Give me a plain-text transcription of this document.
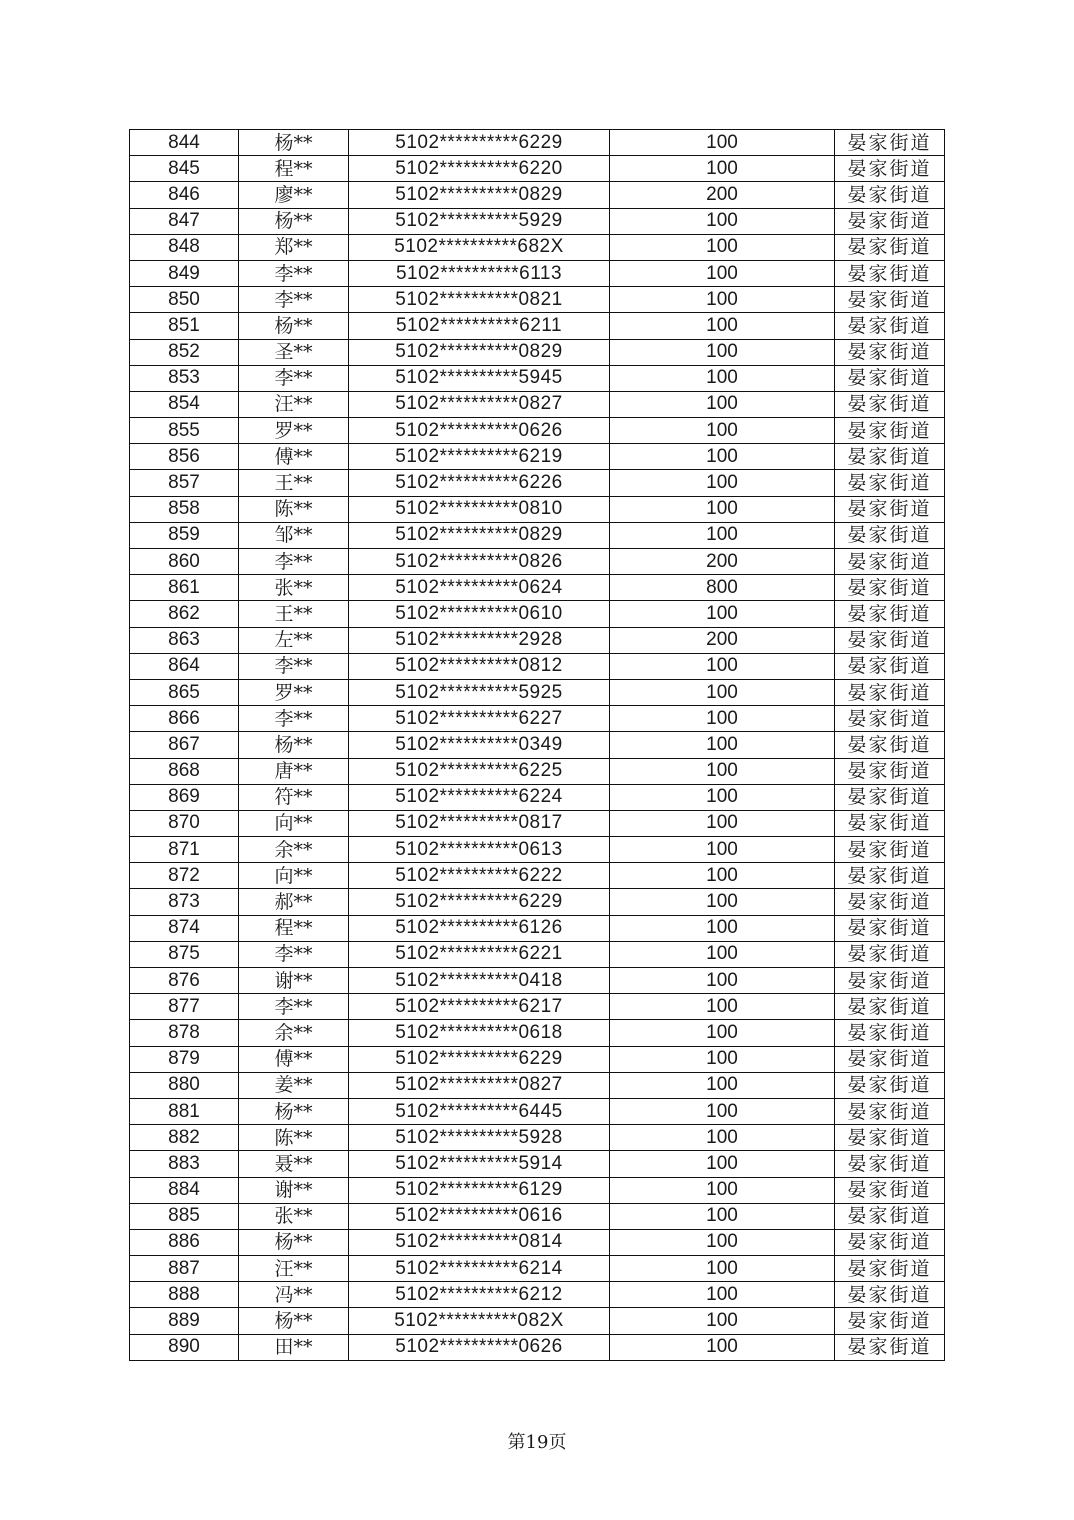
844	杨**	5102**********6229	100	晏家街道
845	程**	5102**********6220	100	晏家街道
846	廖**	5102**********0829	200	晏家街道
847	杨**	5102**********5929	100	晏家街道
848	郑**	5102**********682X	100	晏家街道
849	李**	5102**********6113	100	晏家街道
850	李**	5102**********0821	100	晏家街道
851	杨**	5102**********6211	100	晏家街道
852	圣**	5102**********0829	100	晏家街道
853	李**	5102**********5945	100	晏家街道
854	汪**	5102**********0827	100	晏家街道
855	罗**	5102**********0626	100	晏家街道
856	傅**	5102**********6219	100	晏家街道
857	王**	5102**********6226	100	晏家街道
858	陈**	5102**********0810	100	晏家街道
859	邹**	5102**********0829	100	晏家街道
860	李**	5102**********0826	200	晏家街道
861	张**	5102**********0624	800	晏家街道
862	王**	5102**********0610	100	晏家街道
863	左**	5102**********2928	200	晏家街道
864	李**	5102**********0812	100	晏家街道
865	罗**	5102**********5925	100	晏家街道
866	李**	5102**********6227	100	晏家街道
867	杨**	5102**********0349	100	晏家街道
868	唐**	5102**********6225	100	晏家街道
869	符**	5102**********6224	100	晏家街道
870	向**	5102**********0817	100	晏家街道
871	余**	5102**********0613	100	晏家街道
872	向**	5102**********6222	100	晏家街道
873	郝**	5102**********6229	100	晏家街道
874	程**	5102**********6126	100	晏家街道
875	李**	5102**********6221	100	晏家街道
876	谢**	5102**********0418	100	晏家街道
877	李**	5102**********6217	100	晏家街道
878	余**	5102**********0618	100	晏家街道
879	傅**	5102**********6229	100	晏家街道
880	姜**	5102**********0827	100	晏家街道
881	杨**	5102**********6445	100	晏家街道
882	陈**	5102**********5928	100	晏家街道
883	聂**	5102**********5914	100	晏家街道
884	谢**	5102**********6129	100	晏家街道
885	张**	5102**********0616	100	晏家街道
886	杨**	5102**********0814	100	晏家街道
887	汪**	5102**********6214	100	晏家街道
888	冯**	5102**********6212	100	晏家街道
889	杨**	5102**********082X	100	晏家街道
890	田**	5102**********0626	100	晏家街道
第19页
